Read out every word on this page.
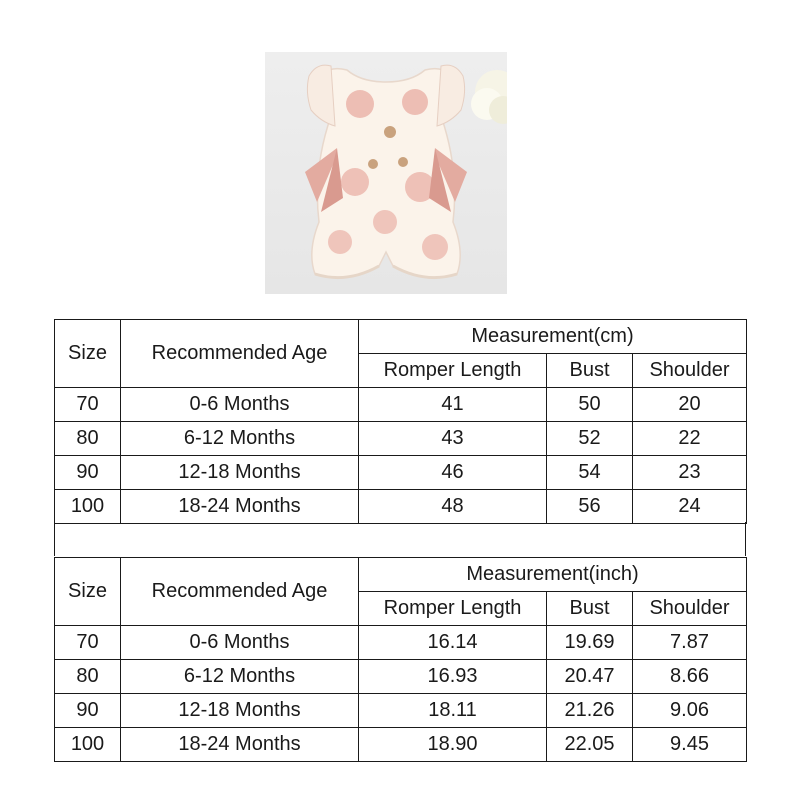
Size	Recommended Age	Measurement(cm)		
		Romper Length	Bust	Shoulder
70	0-6 Months	41	50	20
80	6-12 Months	43	52	22
90	12-18 Months	46	54	23
100	18-24 Months	48	56	24
Size	Recommended Age	Measurement(inch)		
		Romper Length	Bust	Shoulder
70	0-6 Months	16.14	19.69	7.87
80	6-12 Months	16.93	20.47	8.66
90	12-18 Months	18.11	21.26	9.06
100	18-24 Months	18.90	22.05	9.45
